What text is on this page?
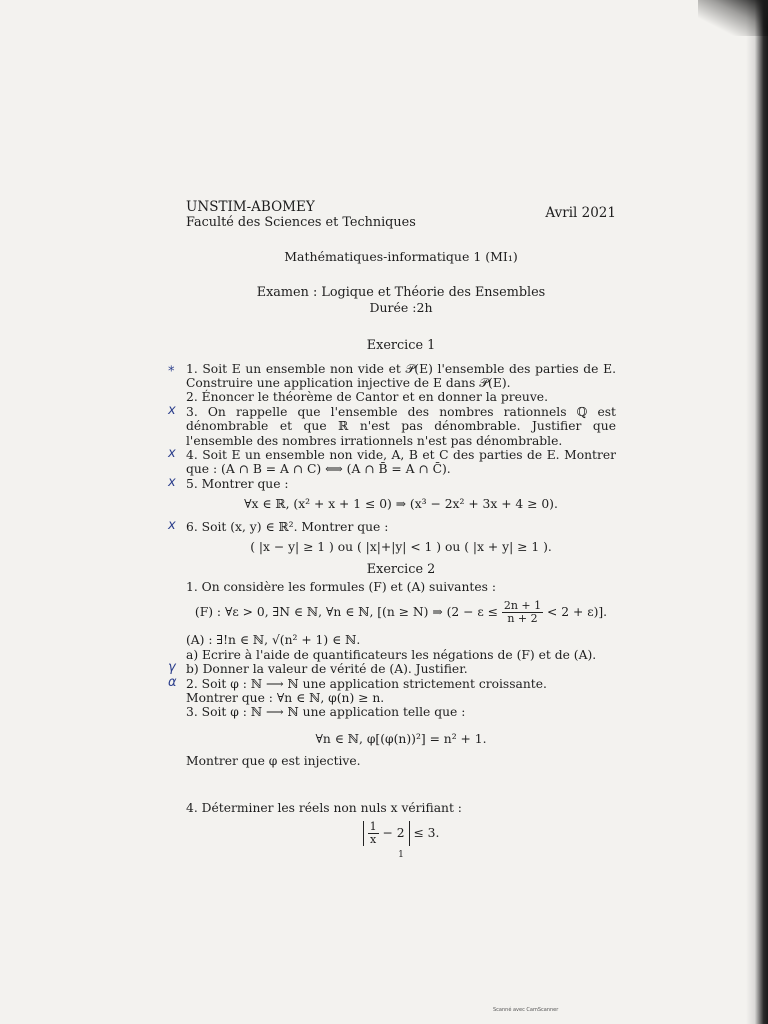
UNSTIM-ABOMEY
Faculté des Sciences et Techniques
Avril 2021
Mathématiques-informatique 1 (MI₁)
Examen : Logique et Théorie des Ensembles
Durée :2h
Exercice 1
⁎ 1. Soit E un ensemble non vide et 𝒫(E) l'ensemble des parties de E. Construire une application injective de E dans 𝒫(E).
2. Énoncer le théorème de Cantor et en donner la preuve.
x 3. On rappelle que l'ensemble des nombres rationnels ℚ est dénombrable et que ℝ n'est pas dénombrable. Justifier que l'ensemble des nombres irrationnels n'est pas dénombrable.
x 4. Soit E un ensemble non vide, A, B et C des parties de E. Montrer que : (A ∩ B = A ∩ C) ⟺ (A ∩ B̄ = A ∩ C̄).
x 5. Montrer que :
∀x ∈ ℝ, (x² + x + 1 ≤ 0) ⇒ (x³ − 2x² + 3x + 4 ≥ 0).
x 6. Soit (x, y) ∈ ℝ². Montrer que :
( |x − y| ≥ 1 ) ou ( |x|+|y| < 1 ) ou ( |x + y| ≥ 1 ).
Exercice 2
1. On considère les formules (F) et (A) suivantes :
(F) : ∀ε > 0, ∃N ∈ ℕ, ∀n ∈ ℕ, [(n ≥ N) ⇒ $(2 - \varepsilon \le \frac{2n + 1}{n + 2} < 2 + \varepsilon)$].
(A) : ∃!n ∈ ℕ, √(n² + 1) ∈ ℕ.
a) Ecrire à l'aide de quantificateurs les négations de (F) et de (A).
γ b) Donner la valeur de vérité de (A). Justifier.
α 2. Soit φ : ℕ ⟶ ℕ une application strictement croissante.
Montrer que : ∀n ∈ ℕ, φ(n) ≥ n.
3. Soit φ : ℕ ⟶ ℕ une application telle que :
∀n ∈ ℕ, φ[(φ(n))²] = n² + 1.
Montrer que φ est injective.
4. Déterminer les réels non nuls x vérifiant :
$\frac{1}{x} - 2 \le 3$.
1
Scanné avec CamScanner
